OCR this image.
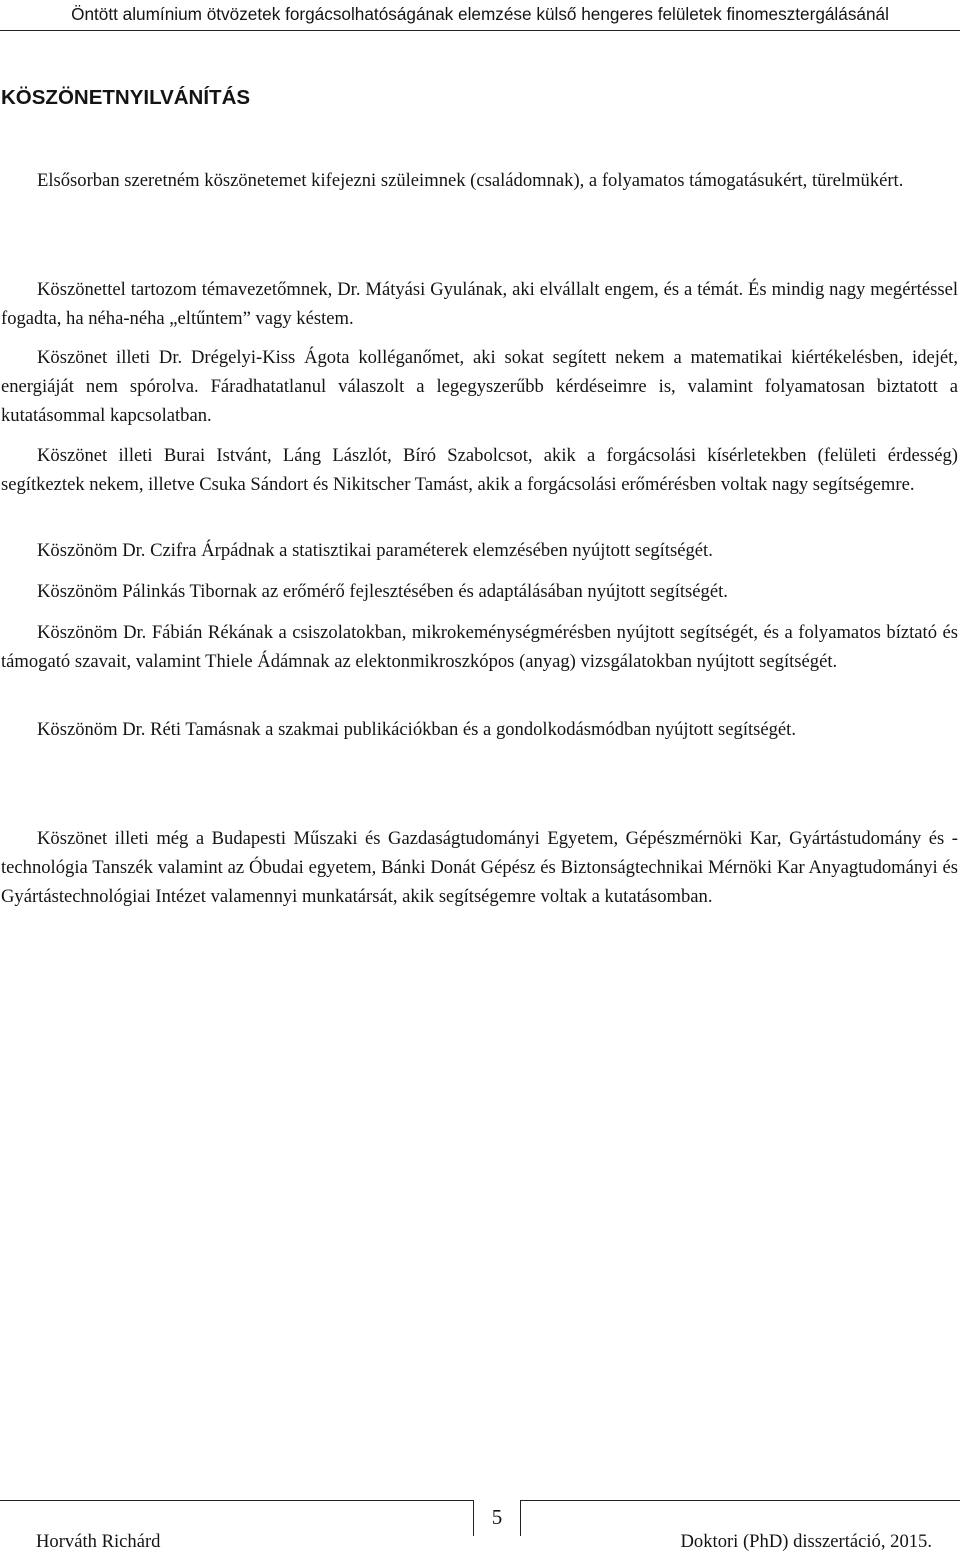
Öntött alumínium ötvözetek forgácsolhatóságának elemzése külső hengeres felületek finomesztergálásánál
KÖSZÖNETNYILVÁNÍTÁS

Elsősorban szeretném köszönetemet kifejezni szüleimnek (családomnak), a folyamatos támogatásukért, türelmükért.

Köszönettel tartozom témavezetőmnek, Dr. Mátyási Gyulának, aki elvállalt engem, és a témát. És mindig nagy megértéssel fogadta, ha néha-néha „eltűntem” vagy késtem.

Köszönet illeti Dr. Drégelyi-Kiss Ágota kolléganőmet, aki sokat segített nekem a matematikai kiértékelésben, idejét, energiáját nem spórolva. Fáradhatatlanul válaszolt a legegyszerűbb kérdéseimre is, valamint folyamatosan biztatott a kutatásommal kapcsolatban.

Köszönet illeti Burai Istvánt, Láng Lászlót, Bíró Szabolcsot, akik a forgácsolási kísérletekben (felületi érdesség) segítkeztek nekem, illetve Csuka Sándort és Nikitscher Tamást, akik a forgácsolási erőmérésben voltak nagy segítségemre.

Köszönöm Dr. Czifra Árpádnak a statisztikai paraméterek elemzésében nyújtott segítségét.

Köszönöm Pálinkás Tibornak az erőmérő fejlesztésében és adaptálásában nyújtott segítségét.

Köszönöm Dr. Fábián Rékának a csiszolatokban, mikrokeménységmérésben nyújtott segítségét, és a folyamatos bíztató és támogató szavait, valamint Thiele Ádámnak az elektonmikroszkópos (anyag) vizsgálatokban nyújtott segítségét.

Köszönöm Dr. Réti Tamásnak a szakmai publikációkban és a gondolkodásmódban nyújtott segítségét.

Köszönet illeti még a Budapesti Műszaki és Gazdaságtudományi Egyetem, Gépészmérnöki Kar, Gyártástudomány és -technológia Tanszék valamint az Óbudai egyetem, Bánki Donát Gépész és Biztonságtechnikai Mérnöki Kar Anyagtudományi és Gyártástechnológiai Intézet valamennyi munkatársát, akik segítségemre voltak a kutatásomban.

5
Horváth Richárd	Doktori (PhD) disszertáció, 2015.
